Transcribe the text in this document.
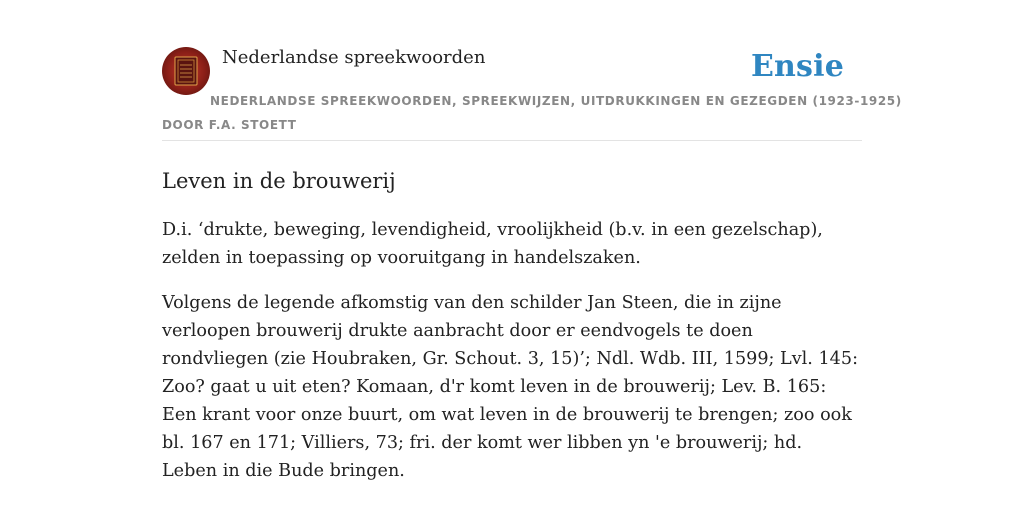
Nederlandse spreekwoorden	Ensie
NEDERLANDSE SPREEKWOORDEN, SPREEKWIJZEN, UITDRUKKINGEN EN GEZEGDEN (1923-1925)
DOOR F.A. STOETT
Leven in de brouwerij

D.i. ‘drukte, beweging, levendigheid, vroolijkheid (b.v. in een gezelschap), zelden in toepassing op vooruitgang in handelszaken.

Volgens de legende afkomstig van den schilder Jan Steen, die in zijne verloopen brouwerij drukte aanbracht door er eendvogels te doen rondvliegen (zie Houbraken, Gr. Schout. 3, 15)’; Ndl. Wdb. III, 1599; Lvl. 145: Zoo? gaat u uit eten? Komaan, d'r komt leven in de brouwerij; Lev. B. 165: Een krant voor onze buurt, om wat leven in de brouwerij te brengen; zoo ook bl. 167 en 171; Villiers, 73; fri. der komt wer libben yn 'e brouwerij; hd. Leben in die Bude bringen.
